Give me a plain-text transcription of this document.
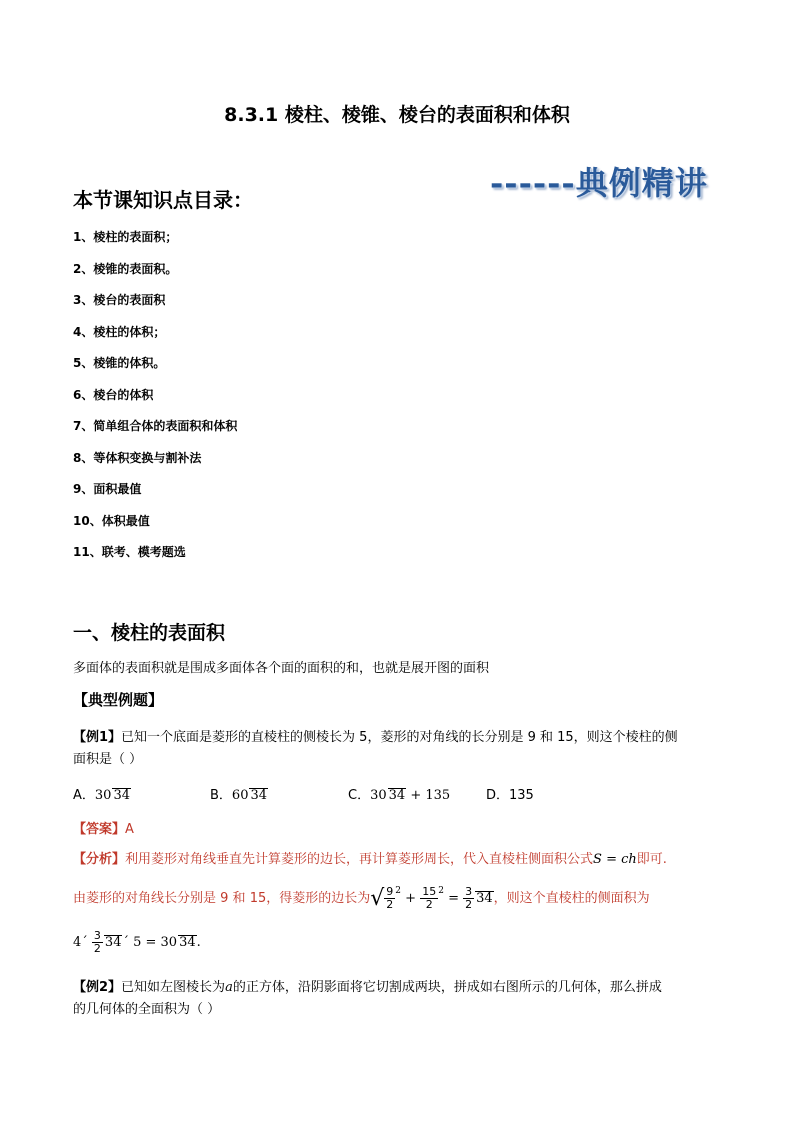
8.3.1 棱柱、棱锥、棱台的表面积和体积
------典例精讲
本节课知识点目录：
1、棱柱的表面积；
2、棱锥的表面积。
3、棱台的表面积
4、棱柱的体积；
5、棱锥的体积。
6、棱台的体积
7、简单组合体的表面积和体积
8、等体积变换与割补法
9、面积最值
10、体积最值
11、联考、模考题选
一、棱柱的表面积
多面体的表面积就是围成多面体各个面的面积的和，也就是展开图的面积
【典型例题】
【例1】已知一个底面是菱形的直棱柱的侧棱长为 5，菱形的对角线的长分别是 9 和 15，则这个棱柱的侧
面积是（ ）
A．30 34	B．60 34	C．30 34 + 135	D．135
【答案】A
【分析】利用菱形对角线垂直先计算菱形的边长，再计算菱形周长，代入直棱柱侧面积公式S = ch即可.
由菱形的对角线长分别是 9 和 15，得菱形的边长为√ $\frac{9}{2} ^2 + \frac{15}{2} ^2 = \frac{3}{2} 34$，则这个直棱柱的侧面积为
4´ $\frac{3}{2}$ 34´ 5 = 30 34.
【例2】已知如左图棱长为a的正方体，沿阴影面将它切割成两块，拼成如右图所示的几何体，那么拼成
的几何体的全面积为（ ）
